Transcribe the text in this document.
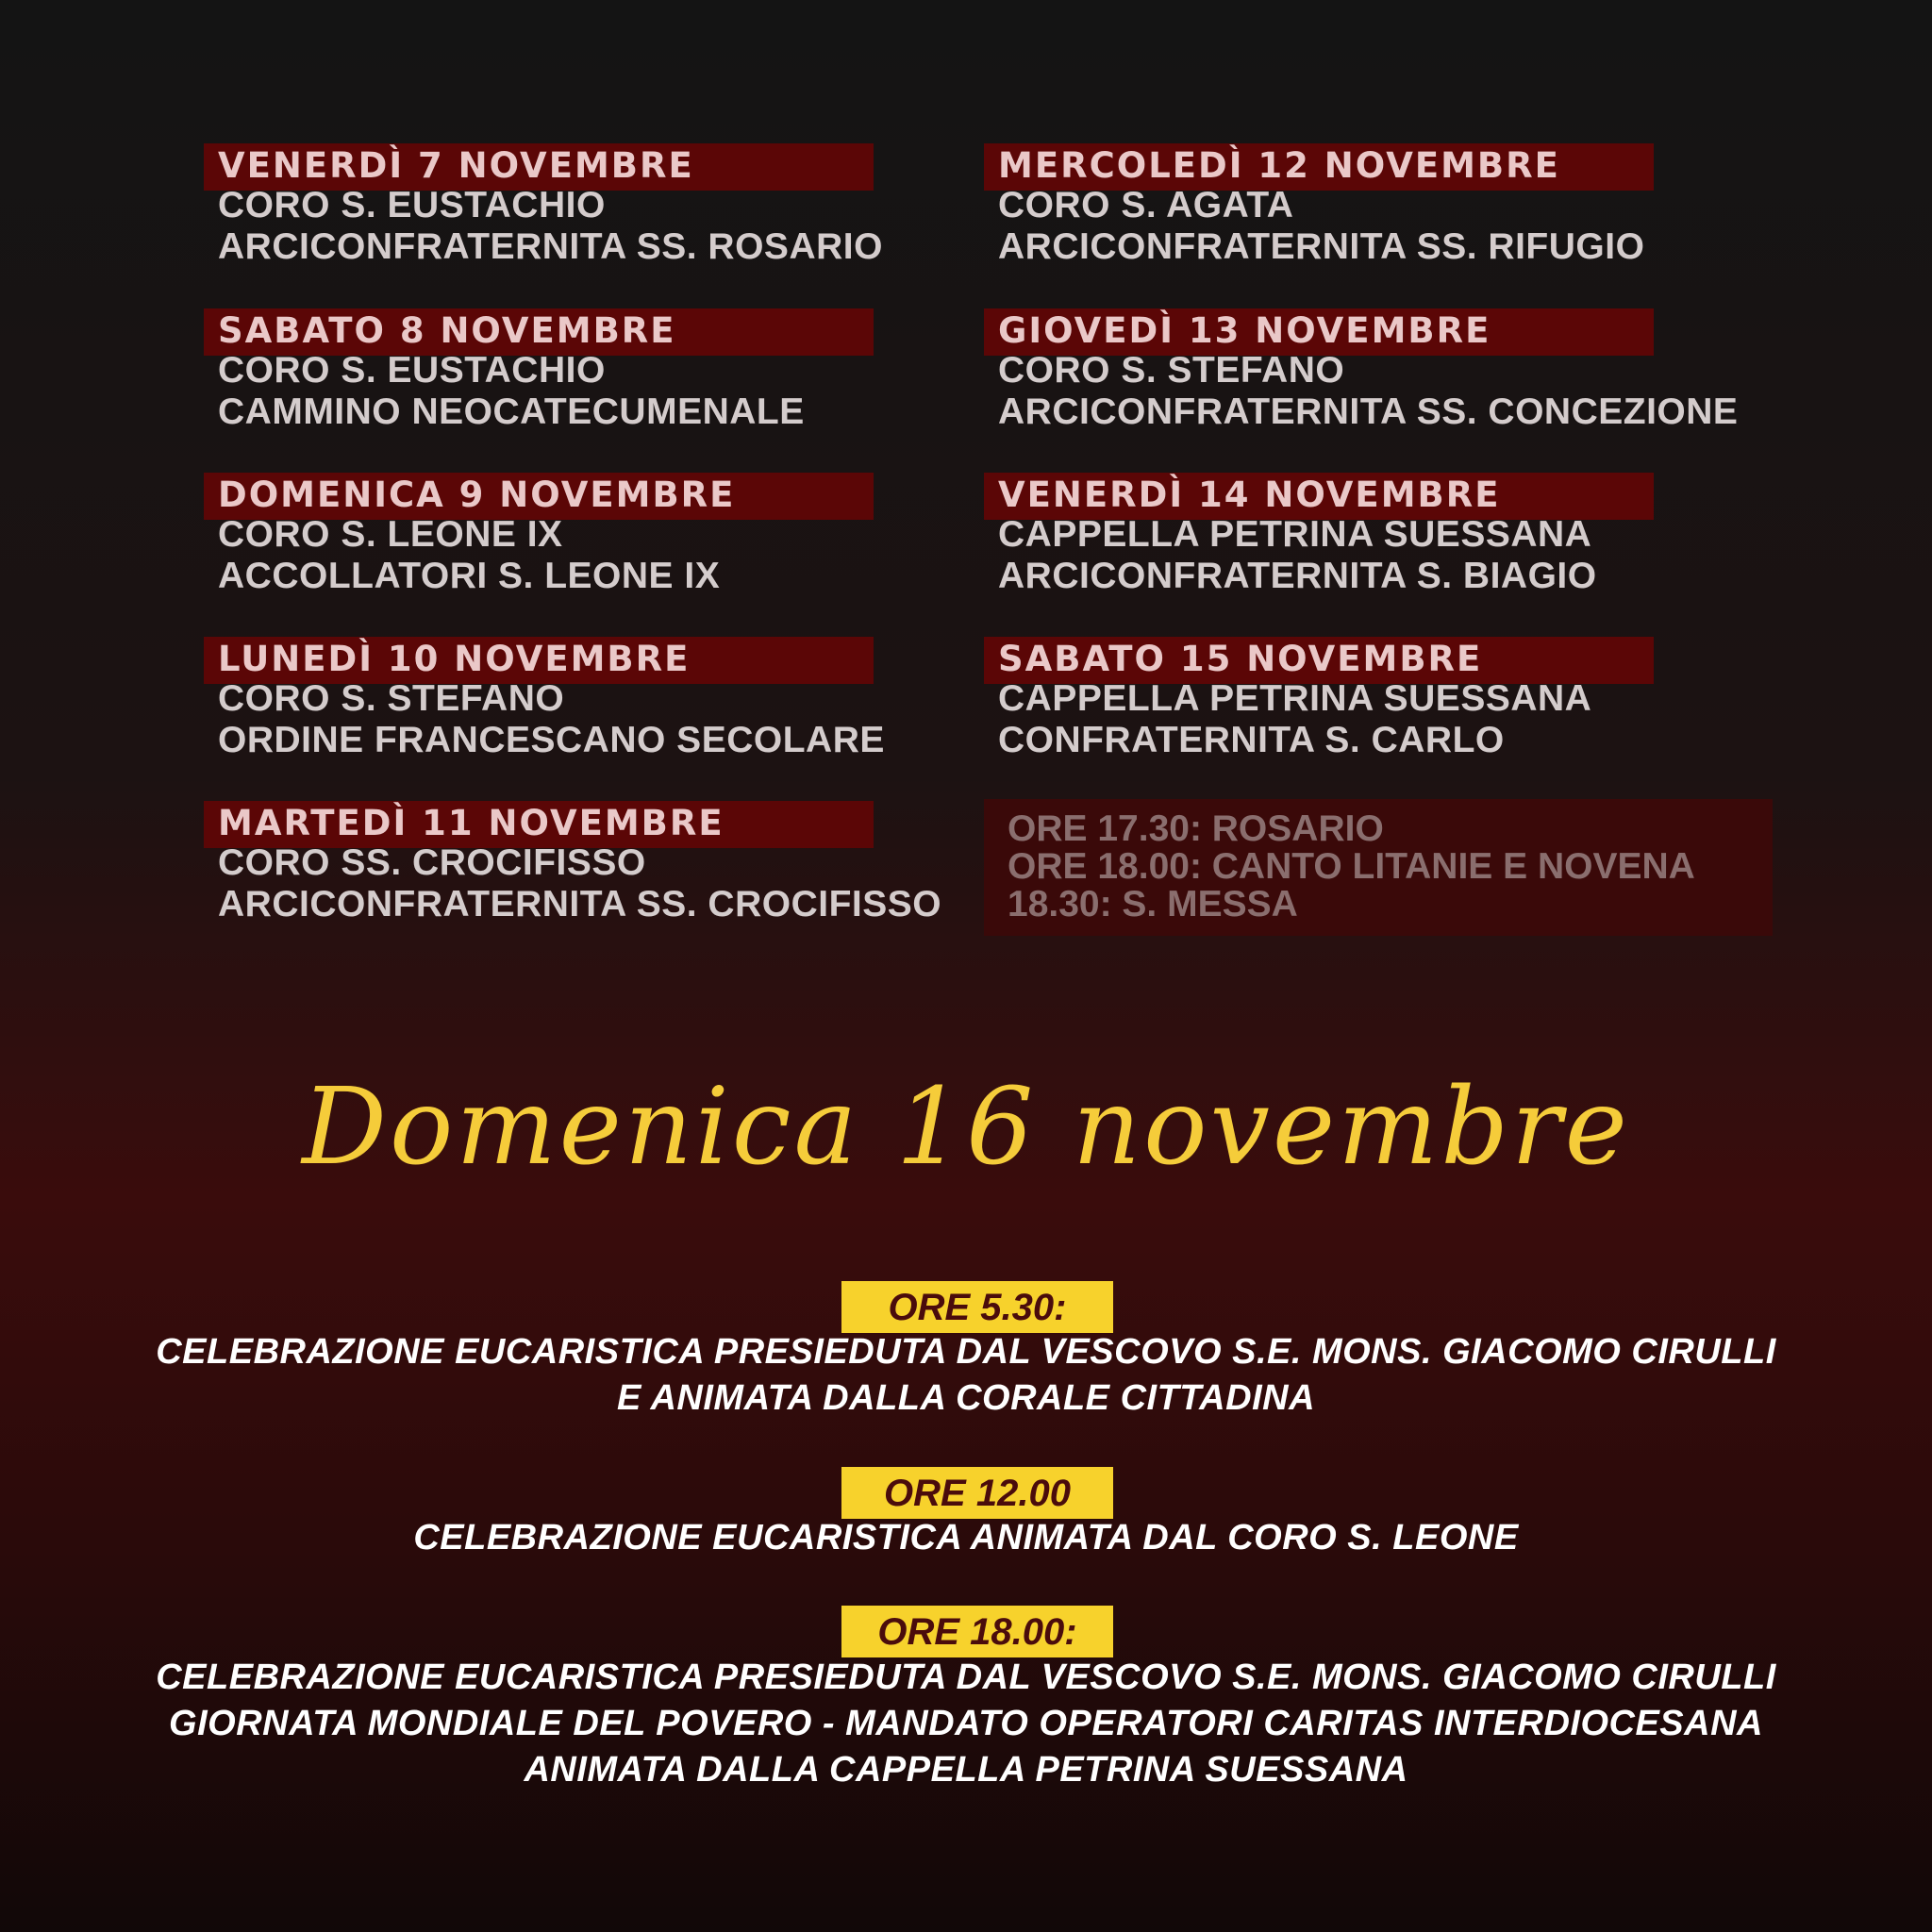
VENERDÌ 7 NOVEMBRE
CORO S. EUSTACHIO
ARCICONFRATERNITA SS. ROSARIO
SABATO 8 NOVEMBRE
CORO S. EUSTACHIO
CAMMINO NEOCATECUMENALE
DOMENICA 9 NOVEMBRE
CORO S. LEONE IX
ACCOLLATORI S. LEONE IX
LUNEDÌ 10 NOVEMBRE
CORO S. STEFANO
ORDINE FRANCESCANO SECOLARE
MARTEDÌ 11 NOVEMBRE
CORO SS. CROCIFISSO
ARCICONFRATERNITA SS. CROCIFISSO
MERCOLEDÌ 12 NOVEMBRE
CORO S. AGATA
ARCICONFRATERNITA SS. RIFUGIO
GIOVEDÌ 13 NOVEMBRE
CORO S. STEFANO
ARCICONFRATERNITA SS. CONCEZIONE
VENERDÌ 14 NOVEMBRE
CAPPELLA PETRINA SUESSANA
ARCICONFRATERNITA S. BIAGIO
SABATO 15 NOVEMBRE
CAPPELLA PETRINA SUESSANA
CONFRATERNITA S. CARLO
ORE 17.30: ROSARIO
ORE 18.00: CANTO LITANIE E NOVENA
18.30: S. MESSA
Domenica 16 novembre
ORE 5.30:
CELEBRAZIONE EUCARISTICA PRESIEDUTA DAL VESCOVO S.E. MONS. GIACOMO CIRULLI
E ANIMATA DALLA CORALE CITTADINA
ORE 12.00
CELEBRAZIONE EUCARISTICA ANIMATA DAL CORO S. LEONE
ORE 18.00:
CELEBRAZIONE EUCARISTICA PRESIEDUTA DAL VESCOVO S.E. MONS. GIACOMO CIRULLI
GIORNATA MONDIALE DEL POVERO - MANDATO OPERATORI CARITAS INTERDIOCESANA
ANIMATA DALLA CAPPELLA PETRINA SUESSANA
